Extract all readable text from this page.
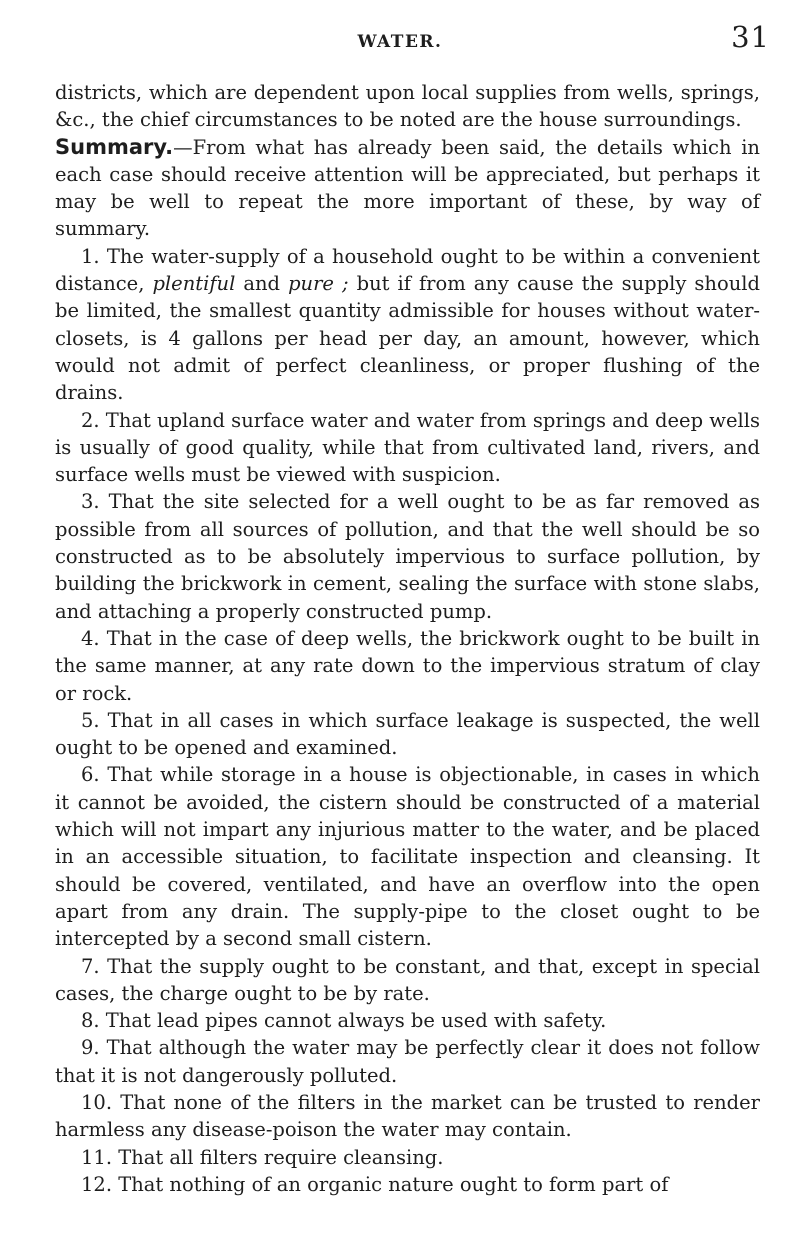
WATER.	31

districts, which are dependent upon local supplies from wells, springs, &c., the chief circumstances to be noted are the house surroundings.

Summary.—From what has already been said, the details which in each case should receive attention will be appreciated, but perhaps it may be well to repeat the more important of these, by way of summary.

1. The water-supply of a household ought to be within a convenient distance, plentiful and pure ; but if from any cause the supply should be limited, the smallest quantity admissible for houses without water-closets, is 4 gallons per head per day, an amount, however, which would not admit of perfect cleanliness, or proper flushing of the drains.

2. That upland surface water and water from springs and deep wells is usually of good quality, while that from cultivated land, rivers, and surface wells must be viewed with suspicion.

3. That the site selected for a well ought to be as far removed as possible from all sources of pollution, and that the well should be so constructed as to be absolutely impervious to surface pollution, by building the brickwork in cement, sealing the surface with stone slabs, and attaching a properly constructed pump.

4. That in the case of deep wells, the brickwork ought to be built in the same manner, at any rate down to the impervious stratum of clay or rock.

5. That in all cases in which surface leakage is suspected, the well ought to be opened and examined.

6. That while storage in a house is objectionable, in cases in which it cannot be avoided, the cistern should be constructed of a material which will not impart any injurious matter to the water, and be placed in an accessible situation, to facilitate inspection and cleansing. It should be covered, ventilated, and have an overflow into the open apart from any drain. The supply-pipe to the closet ought to be intercepted by a second small cistern.

7. That the supply ought to be constant, and that, except in special cases, the charge ought to be by rate.

8. That lead pipes cannot always be used with safety.

9. That although the water may be perfectly clear it does not follow that it is not dangerously polluted.

10. That none of the filters in the market can be trusted to render harmless any disease-poison the water may contain.

11. That all filters require cleansing.

12. That nothing of an organic nature ought to form part of
